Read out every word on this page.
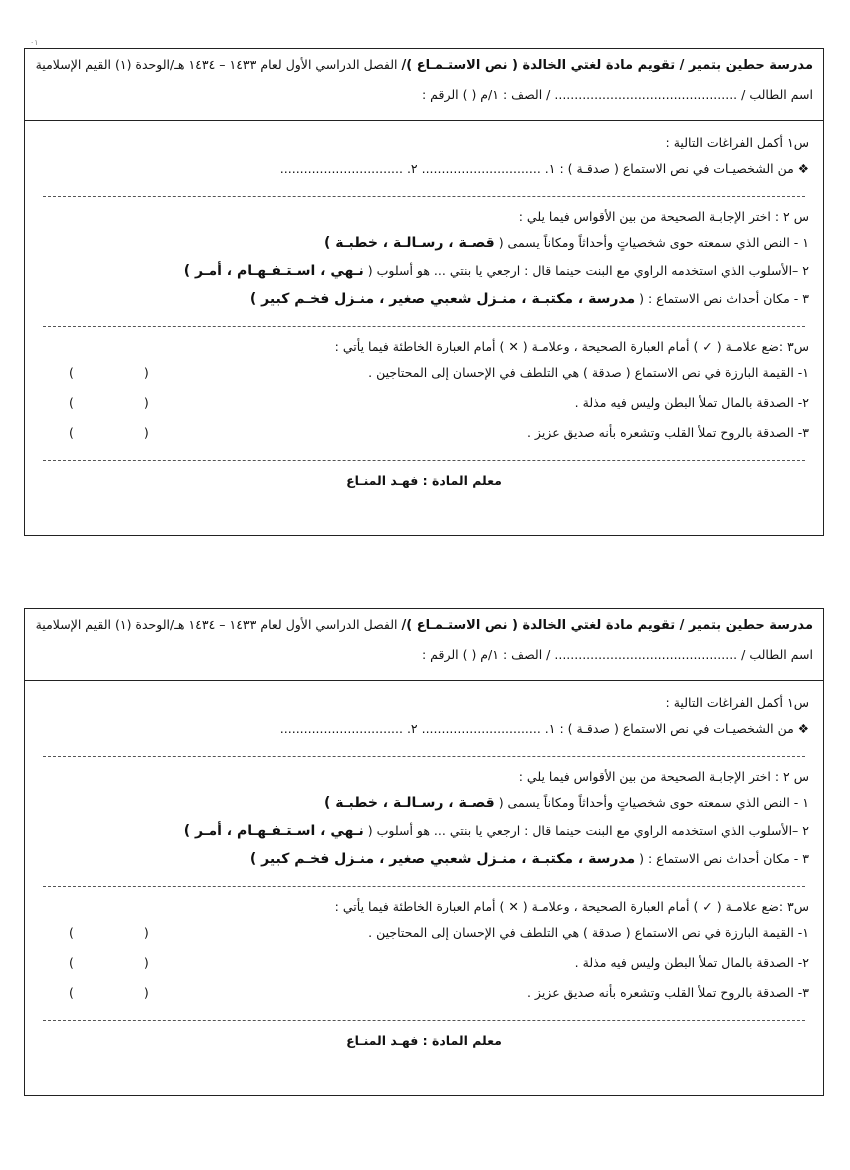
٠١
مدرسة حطين بتمير / تقويم مادة لغتي الخالدة ( نص الاستـمـاع )/ الفصل الدراسي الأول لعام ١٤٣٣ – ١٤٣٤ هـ/الوحدة (١) القيم الإسلامية
اسم الطالب / .............................................. / الصف : ١/م ( ) الرقم :
س١ أكمل الفراغات التالية :
❖ من الشخصيـات في نص الاستماع ( صدقـة ) : ١. .............................. ٢. ...............................
س ٢ : اختر الإجابـة الصحيحة من بين الأقواس فيما يلي :
١ - النص الذي سمعته حوى شخصياتٍ وأحداثاً ومكاناً يسمى ( قصـة ، رسـالـة ، خطبـة )
٢ –الأسلوب الذي استخدمه الراوي مع البنت حينما قال : ارجعي يا بنتي ... هو أسلوب ( نـهي ، اسـتـفـهـام ، أمـر )
٣ - مكان أحداث نص الاستماع : ( مدرسة ، مكتبـة ، منـزل شعبي صغير ، منـزل فخـم كبير )
س٣ :ضع علامـة ( ✓ ) أمام العبارة الصحيحة ، وعلامـة ( ✕ ) أمام العبارة الخاطئة فيما يأتي :
١- القيمة البارزة في نص الاستماع ( صدقة ) هي التلطف في الإحسان إلى المحتاجين .
(	)
٢- الصدقة بالمال تملأ البطن وليس فيه مذلة .
(	)
٣- الصدقة بالروح تملأ القلب وتشعره بأنه صديق عزيز .
(	)
معلم المادة : فهـد المنـاع
مدرسة حطين بتمير / تقويم مادة لغتي الخالدة ( نص الاستـمـاع )/ الفصل الدراسي الأول لعام ١٤٣٣ – ١٤٣٤ هـ/الوحدة (١) القيم الإسلامية
اسم الطالب / .............................................. / الصف : ١/م ( ) الرقم :
س١ أكمل الفراغات التالية :
❖ من الشخصيـات في نص الاستماع ( صدقـة ) : ١. .............................. ٢. ...............................
س ٢ : اختر الإجابـة الصحيحة من بين الأقواس فيما يلي :
١ - النص الذي سمعته حوى شخصياتٍ وأحداثاً ومكاناً يسمى ( قصـة ، رسـالـة ، خطبـة )
٢ –الأسلوب الذي استخدمه الراوي مع البنت حينما قال : ارجعي يا بنتي ... هو أسلوب ( نـهي ، اسـتـفـهـام ، أمـر )
٣ - مكان أحداث نص الاستماع : ( مدرسة ، مكتبـة ، منـزل شعبي صغير ، منـزل فخـم كبير )
س٣ :ضع علامـة ( ✓ ) أمام العبارة الصحيحة ، وعلامـة ( ✕ ) أمام العبارة الخاطئة فيما يأتي :
١- القيمة البارزة في نص الاستماع ( صدقة ) هي التلطف في الإحسان إلى المحتاجين .
(	)
٢- الصدقة بالمال تملأ البطن وليس فيه مذلة .
(	)
٣- الصدقة بالروح تملأ القلب وتشعره بأنه صديق عزيز .
(	)
معلم المادة : فهـد المنـاع
